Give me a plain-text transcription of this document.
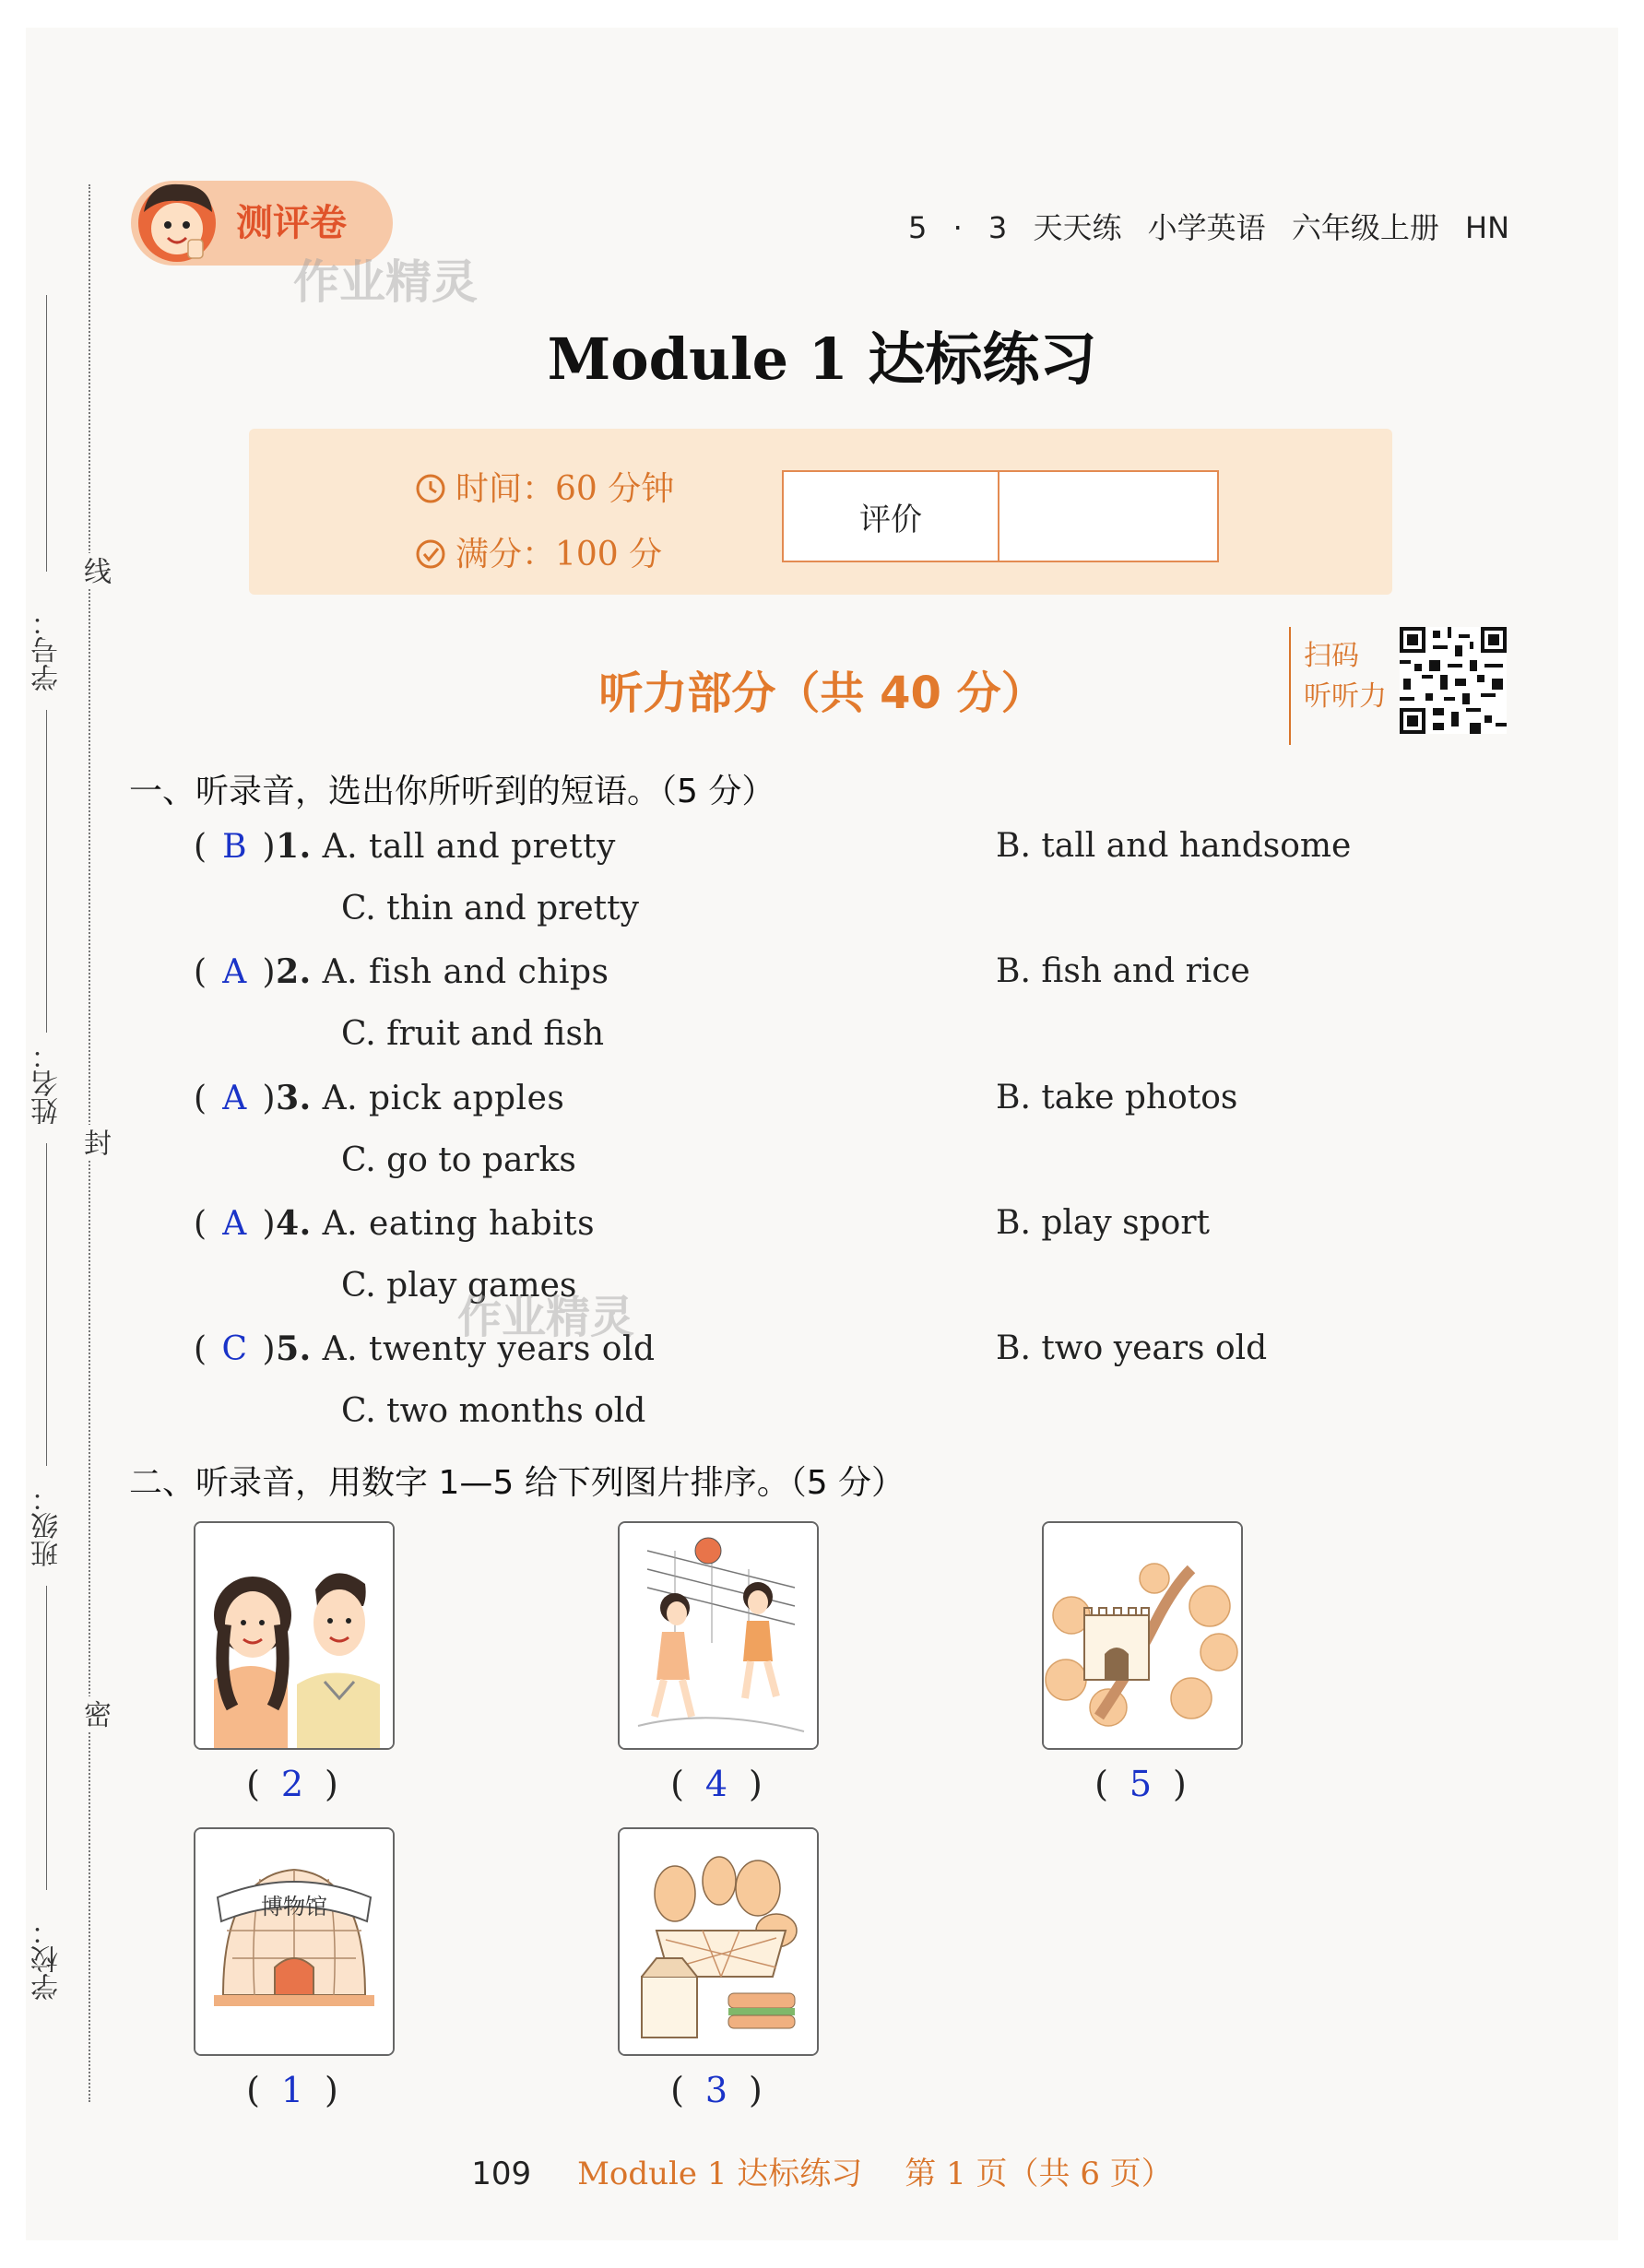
学号：
姓名：
班级：
学校：
线
封
密
测评卷	5 · 3 天天练 小学英语 六年级上册 HN
作业精灵
Module 1 达标练习
时间：60 分钟
满分：100 分
评价
听力部分（共 40 分）
扫码
听听力
一、听录音，选出你所听到的短语。（5 分）
( B )1. A. tall and pretty	B. tall and handsome
C. thin and pretty
( A )2. A. fish and chips	B. fish and rice
C. fruit and fish
( A )3. A. pick apples	B. take photos
C. go to parks
( A )4. A. eating habits	B. play sport
C. play games
作业精灵
( C )5. A. twenty years old	B. two years old
C. two months old
二、听录音，用数字 1—5 给下列图片排序。（5 分）
( 2 )	( 4 )	( 5 )
博物馆
( 1 )	( 3 )
109 Module 1 达标练习 第 1 页（共 6 页）
